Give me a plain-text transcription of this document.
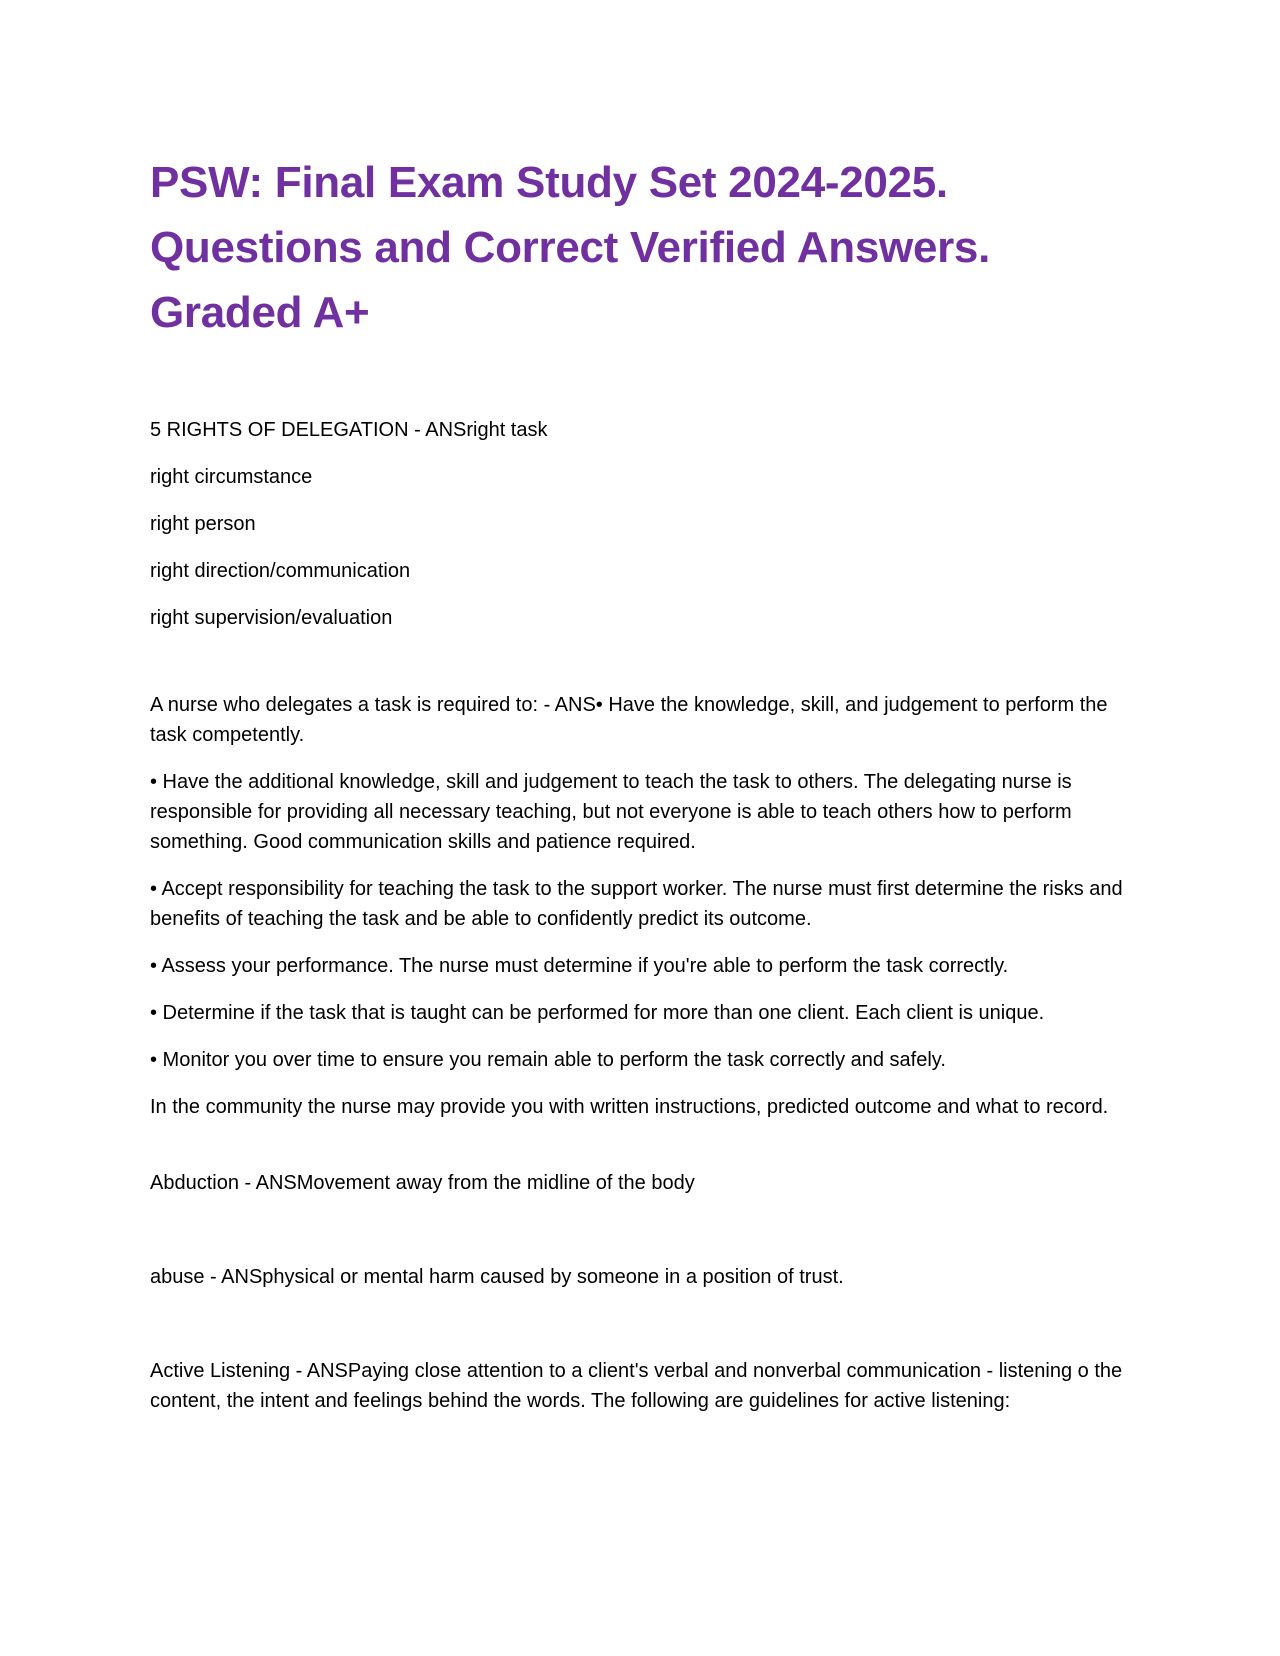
PSW: Final Exam Study Set 2024-2025.
Questions and Correct Verified Answers.
Graded A+

5 RIGHTS OF DELEGATION - ANSright task

right circumstance

right person

right direction/communication

right supervision/evaluation

A nurse who delegates a task is required to: - ANS• Have the knowledge, skill, and judgement to perform the task competently.

• Have the additional knowledge, skill and judgement to teach the task to others. The delegating nurse is responsible for providing all necessary teaching, but not everyone is able to teach others how to perform something. Good communication skills and patience required.

• Accept responsibility for teaching the task to the support worker. The nurse must first determine the risks and benefits of teaching the task and be able to confidently predict its outcome.

• Assess your performance. The nurse must determine if you're able to perform the task correctly.

• Determine if the task that is taught can be performed for more than one client. Each client is unique.

• Monitor you over time to ensure you remain able to perform the task correctly and safely.

In the community the nurse may provide you with written instructions, predicted outcome and what to record.

Abduction - ANSMovement away from the midline of the body

abuse - ANSphysical or mental harm caused by someone in a position of trust.

Active Listening - ANSPaying close attention to a client's verbal and nonverbal communication - listening o the content, the intent and feelings behind the words. The following are guidelines for active listening:
